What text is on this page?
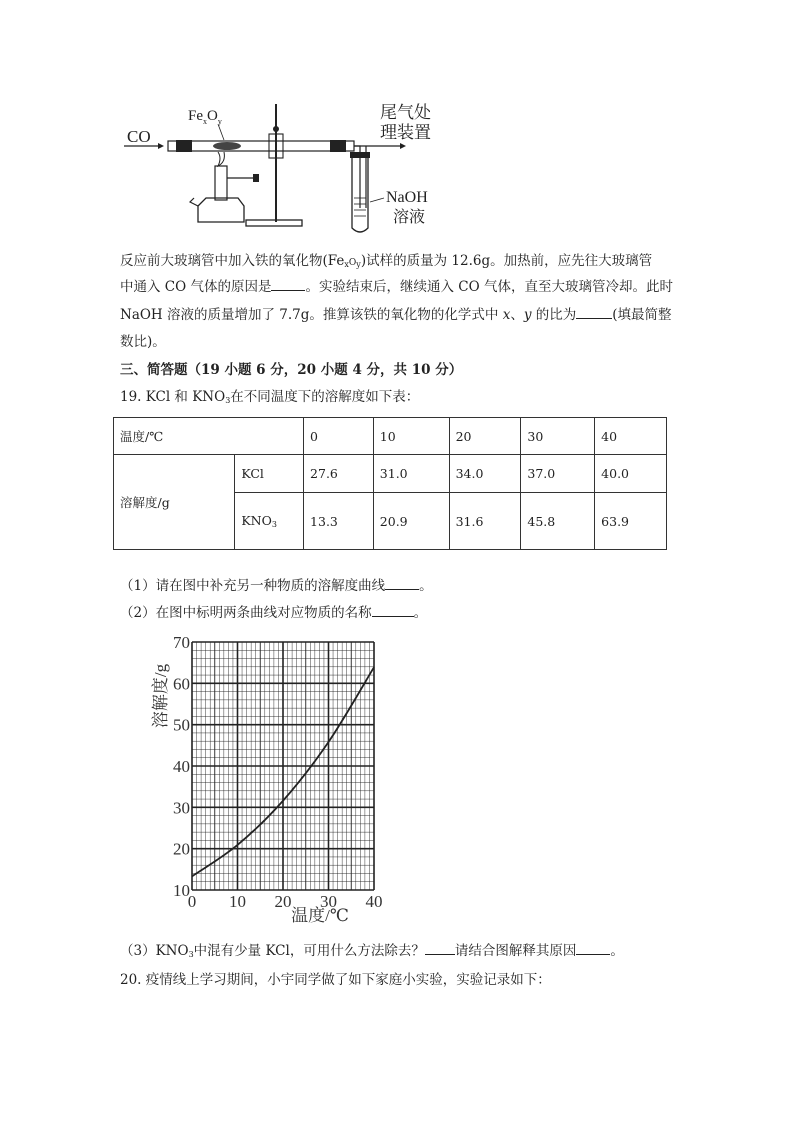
CO
$Fe_xO_y$	尾气处
理装置
NaOH
溶液
反应前大玻璃管中加入铁的氧化物$(Fe_xO_y)$试样的质量为 12.6g。加热前，应先往大玻璃管
中通入 CO 气体的原因是	。实验结束后，继续通入 CO 气体，直至大玻璃管冷却。此时
NaOH 溶液的质量增加了 7.7g。推算该铁的氧化物的化学式中 x、y 的比为	(填最简整
数比)。
三、简答题（19 小题 6 分，20 小题 4 分，共 10 分）
19. KCl 和 $KNO_3$在不同温度下的溶解度如下表：
温度/℃		0	10	20	30	40
溶解度/g	KCl	27.6	31.0	34.0	37.0	40.0
	$KNO_3$	13.3	20.9	31.6	45.8	63.9
（1）请在图中补充另一种物质的溶解度曲线	。
（2）在图中标明两条曲线对应物质的名称	。
0 10 20 30 40
10
20
30
40
50
60
70
溶解度/g
温度/℃
$(3)KNO_3$中混有少量 KCl，可用什么方法除去？ 请结合图解释其原因	。
20. 疫情线上学习期间，小宇同学做了如下家庭小实验，实验记录如下：
